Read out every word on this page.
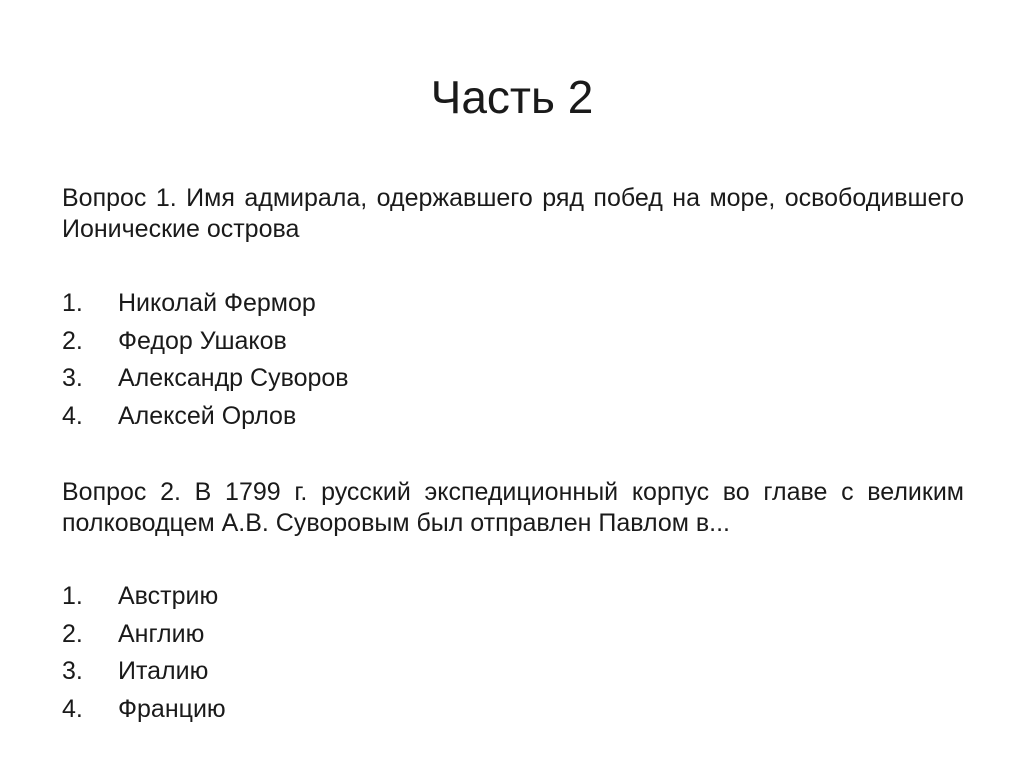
Часть 2

Вопрос 1. Имя адмирала, одержавшего ряд побед на море, освободившего Ионические острова

1. Николай Фермор
2. Федор Ушаков
3. Александр Суворов
4. Алексей Орлов

Вопрос 2. В 1799 г. русский экспедиционный корпус во главе с великим полководцем А.В. Суворовым был отправлен Павлом в...

1. Австрию
2. Англию
3. Италию
4. Францию
